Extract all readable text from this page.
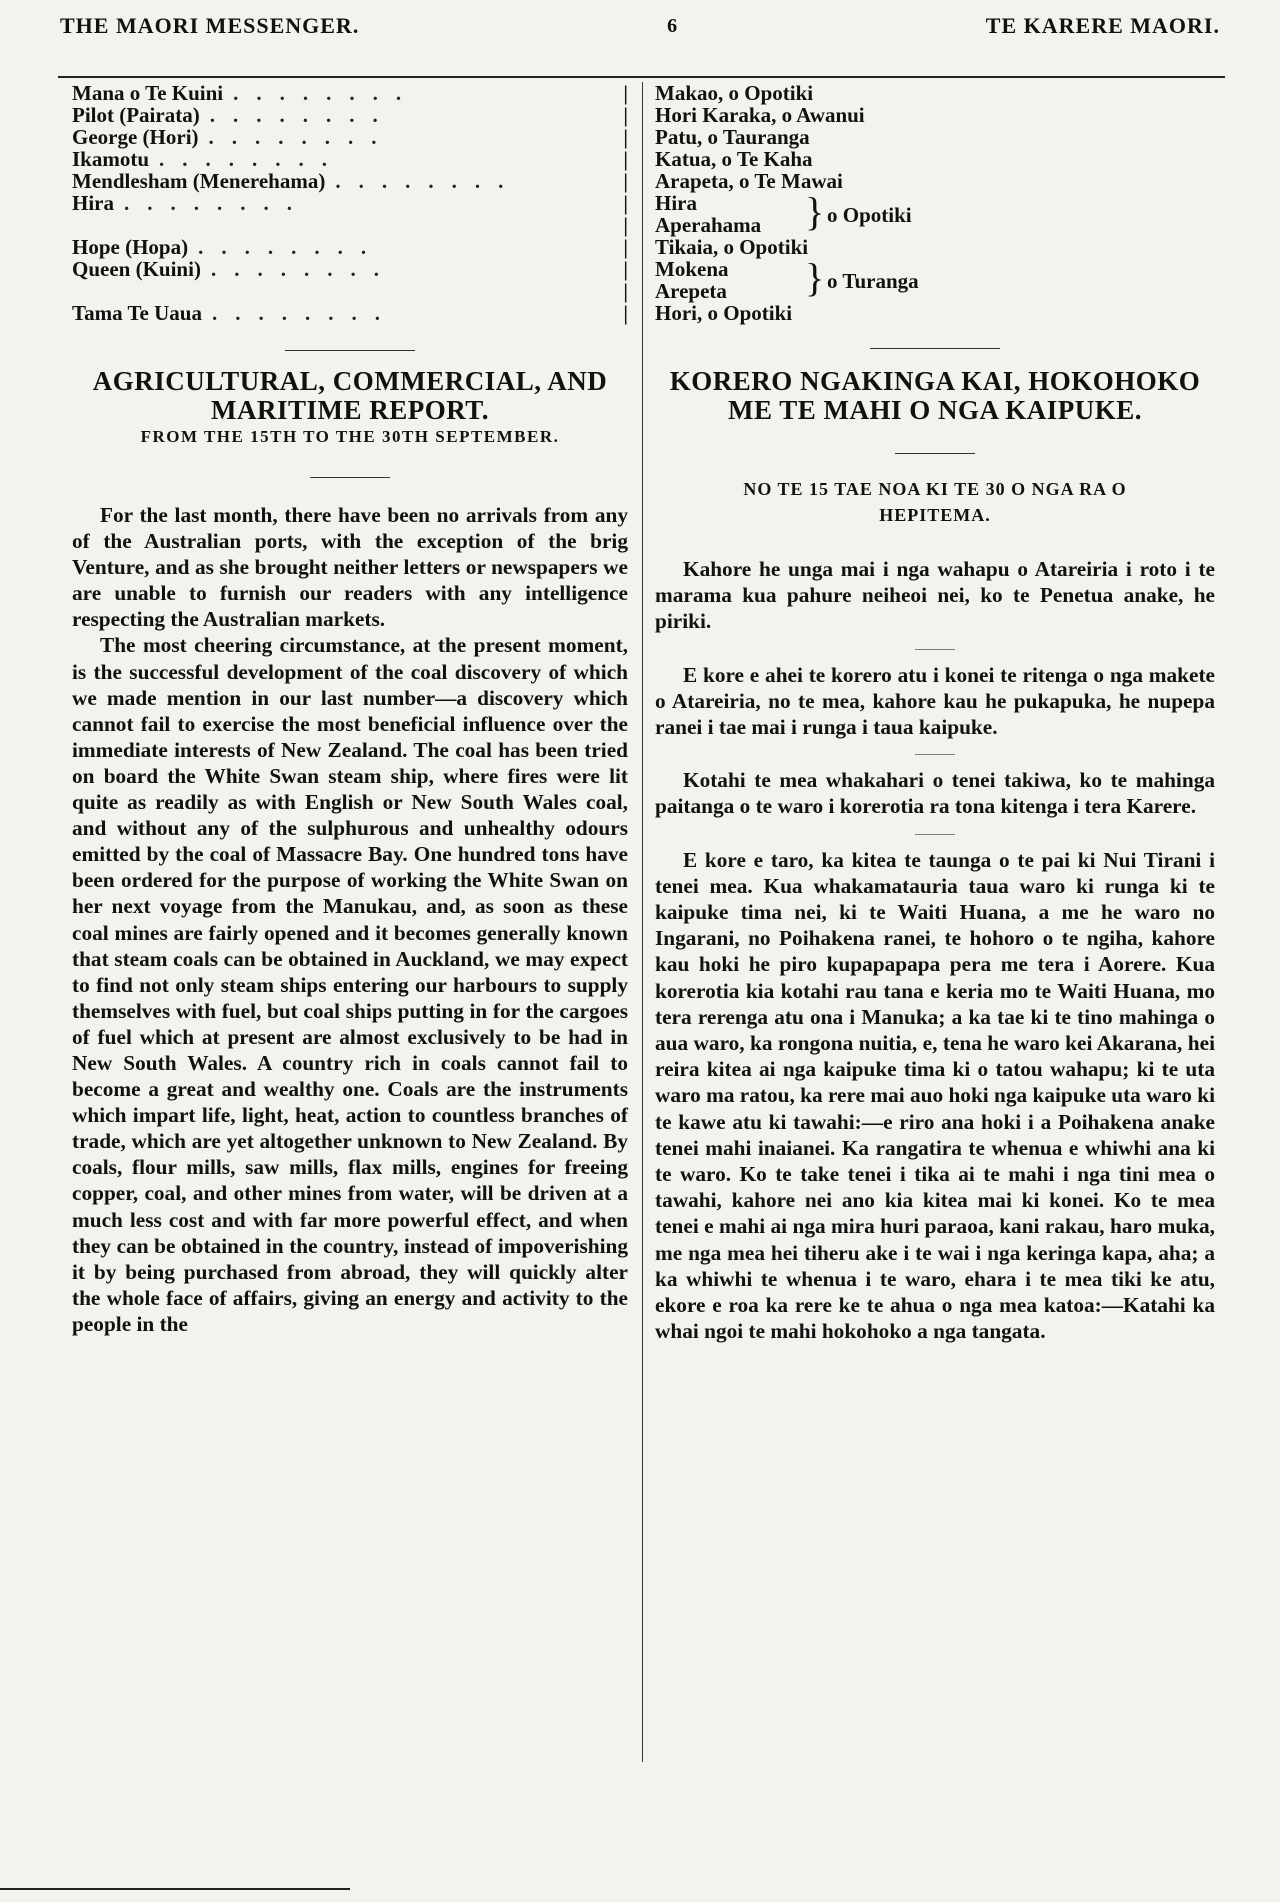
THE MAORI MESSENGER.	6	TE KARERE MAORI.
Mana o Te Kuini ........	|
Pilot (Pairata) ........	|
George (Hori) ........	|
Ikamotu ........	|
Mendlesham (Menerehama) ........	|
Hira ........	|
|
Hope (Hopa) ........	|
Queen (Kuini) ........	|
|
Tama Te Uaua ........	|
AGRICULTURAL, COMMERCIAL, AND
MARITIME REPORT.
FROM THE 15TH TO THE 30TH SEPTEMBER.

For the last month, there have been no arrivals from any of the Australian ports, with the exception of the brig Venture, and as she brought neither letters or newspapers we are unable to furnish our readers with any intelligence respecting the Australian markets.

The most cheering circumstance, at the present moment, is the successful development of the coal discovery of which we made mention in our last number—a discovery which cannot fail to exercise the most beneficial influence over the immediate interests of New Zealand. The coal has been tried on board the White Swan steam ship, where fires were lit quite as readily as with English or New South Wales coal, and without any of the sulphurous and unhealthy odours emitted by the coal of Massacre Bay. One hundred tons have been ordered for the purpose of working the White Swan on her next voyage from the Manukau, and, as soon as these coal mines are fairly opened and it becomes generally known that steam coals can be obtained in Auckland, we may expect to find not only steam ships entering our harbours to supply themselves with fuel, but coal ships putting in for the cargoes of fuel which at present are almost exclusively to be had in New South Wales. A country rich in coals cannot fail to become a great and wealthy one. Coals are the instruments which impart life, light, heat, action to countless branches of trade, which are yet altogether unknown to New Zealand. By coals, flour mills, saw mills, flax mills, engines for freeing copper, coal, and other mines from water, will be driven at a much less cost and with far more powerful effect, and when they can be obtained in the country, instead of impoverishing it by being purchased from abroad, they will quickly alter the whole face of affairs, giving an energy and activity to the people in the

Makao, o Opotiki
Hori Karaka, o Awanui
Patu, o Tauranga
Katua, o Te Kaha
Arapeta, o Te Mawai
Hira
Aperahama	} o Opotiki
Tikaia, o Opotiki
Mokena
Arepeta	} o Turanga
Hori, o Opotiki
KORERO NGAKINGA KAI, HOKOHOKO
ME TE MAHI O NGA KAIPUKE.
NO TE 15 TAE NOA KI TE 30 O NGA RA O
HEPITEMA.

Kahore he unga mai i nga wahapu o Atareiria i roto i te marama kua pahure neiheoi nei, ko te Penetua anake, he piriki.

E kore e ahei te korero atu i konei te ritenga o nga makete o Atareiria, no te mea, kahore kau he pukapuka, he nupepa ranei i tae mai i runga i taua kaipuke.

Kotahi te mea whakahari o tenei takiwa, ko te mahinga paitanga o te waro i korerotia ra tona kitenga i tera Karere.

E kore e taro, ka kitea te taunga o te pai ki Nui Tirani i tenei mea. Kua whakamatauria taua waro ki runga ki te kaipuke tima nei, ki te Waiti Huana, a me he waro no Ingarani, no Poihakena ranei, te hohoro o te ngiha, kahore kau hoki he piro kupapapapa pera me tera i Aorere. Kua korerotia kia kotahi rau tana e keria mo te Waiti Huana, mo tera rerenga atu ona i Manuka; a ka tae ki te tino mahinga o aua waro, ka rongona nuitia, e, tena he waro kei Akarana, hei reira kitea ai nga kaipuke tima ki o tatou wahapu; ki te uta waro ma ratou, ka rere mai auo hoki nga kaipuke uta waro ki te kawe atu ki tawahi:—e riro ana hoki i a Poihakena anake tenei mahi inaianei. Ka rangatira te whenua e whiwhi ana ki te waro. Ko te take tenei i tika ai te mahi i nga tini mea o tawahi, kahore nei ano kia kitea mai ki konei. Ko te mea tenei e mahi ai nga mira huri paraoa, kani rakau, haro muka, me nga mea hei tiheru ake i te wai i nga keringa kapa, aha; a ka whiwhi te whenua i te waro, ehara i te mea tiki ke atu, ekore e roa ka rere ke te ahua o nga mea katoa:—Katahi ka whai ngoi te mahi hokohoko a nga tangata.
